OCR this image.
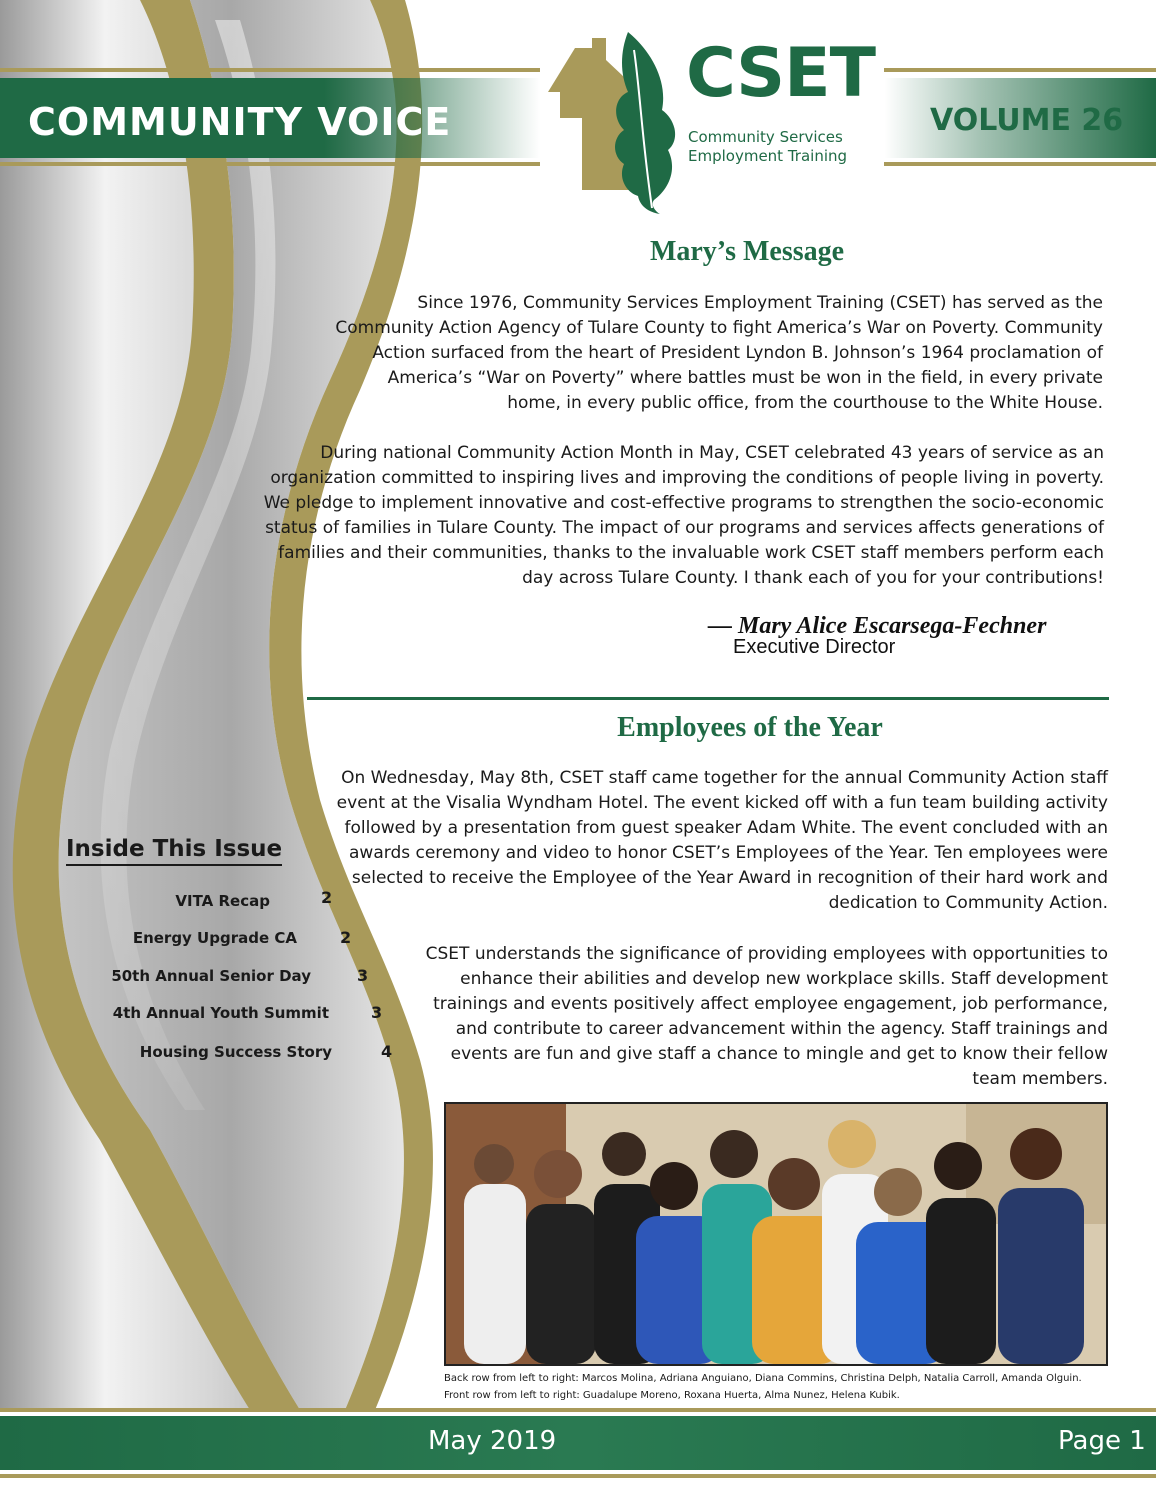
COMMUNITY VOICE	VOLUME 26
CSET
Community Services
Employment Training
Mary’s Message

Since 1976, Community Services Employment Training (CSET) has served as the Community Action Agency of Tulare County to fight America’s War on Poverty. Community Action surfaced from the heart of President Lyndon B. Johnson’s 1964 proclamation of America’s “War on Poverty” where battles must be won in the field, in every private home, in every public office, from the courthouse to the White House.

During national Community Action Month in May, CSET celebrated 43 years of service as an organization committed to inspiring lives and improving the conditions of people living in poverty. We pledge to implement innovative and cost-effective programs to strengthen the socio-economic status of families in Tulare County. The impact of our programs and services affects generations of families and their communities, thanks to the invaluable work CSET staff members perform each day across Tulare County. I thank each of you for your contributions!

— Mary Alice Escarsega-Fechner
Executive Director
Employees of the Year

On Wednesday, May 8th, CSET staff came together for the annual Community Action staff event at the Visalia Wyndham Hotel. The event kicked off with a fun team building activity followed by a presentation from guest speaker Adam White. The event concluded with an awards ceremony and video to honor CSET’s Employees of the Year. Ten employees were selected to receive the Employee of the Year Award in recognition of their hard work and dedication to Community Action.

CSET understands the significance of providing employees with opportunities to enhance their abilities and develop new workplace skills. Staff development trainings and events positively affect employee engagement, job performance, and contribute to career advancement within the agency. Staff trainings and events are fun and give staff a chance to mingle and get to know their fellow team members.

Back row from left to right: Marcos Molina, Adriana Anguiano, Diana Commins, Christina Delph, Natalia Carroll, Amanda Olguin.
Front row from left to right: Guadalupe Moreno, Roxana Huerta, Alma Nunez, Helena Kubik.
Inside This Issue
VITA Recap	2
Energy Upgrade CA	2
50th Annual Senior Day	3
4th Annual Youth Summit	3
Housing Success Story	4
May 2019	Page 1
